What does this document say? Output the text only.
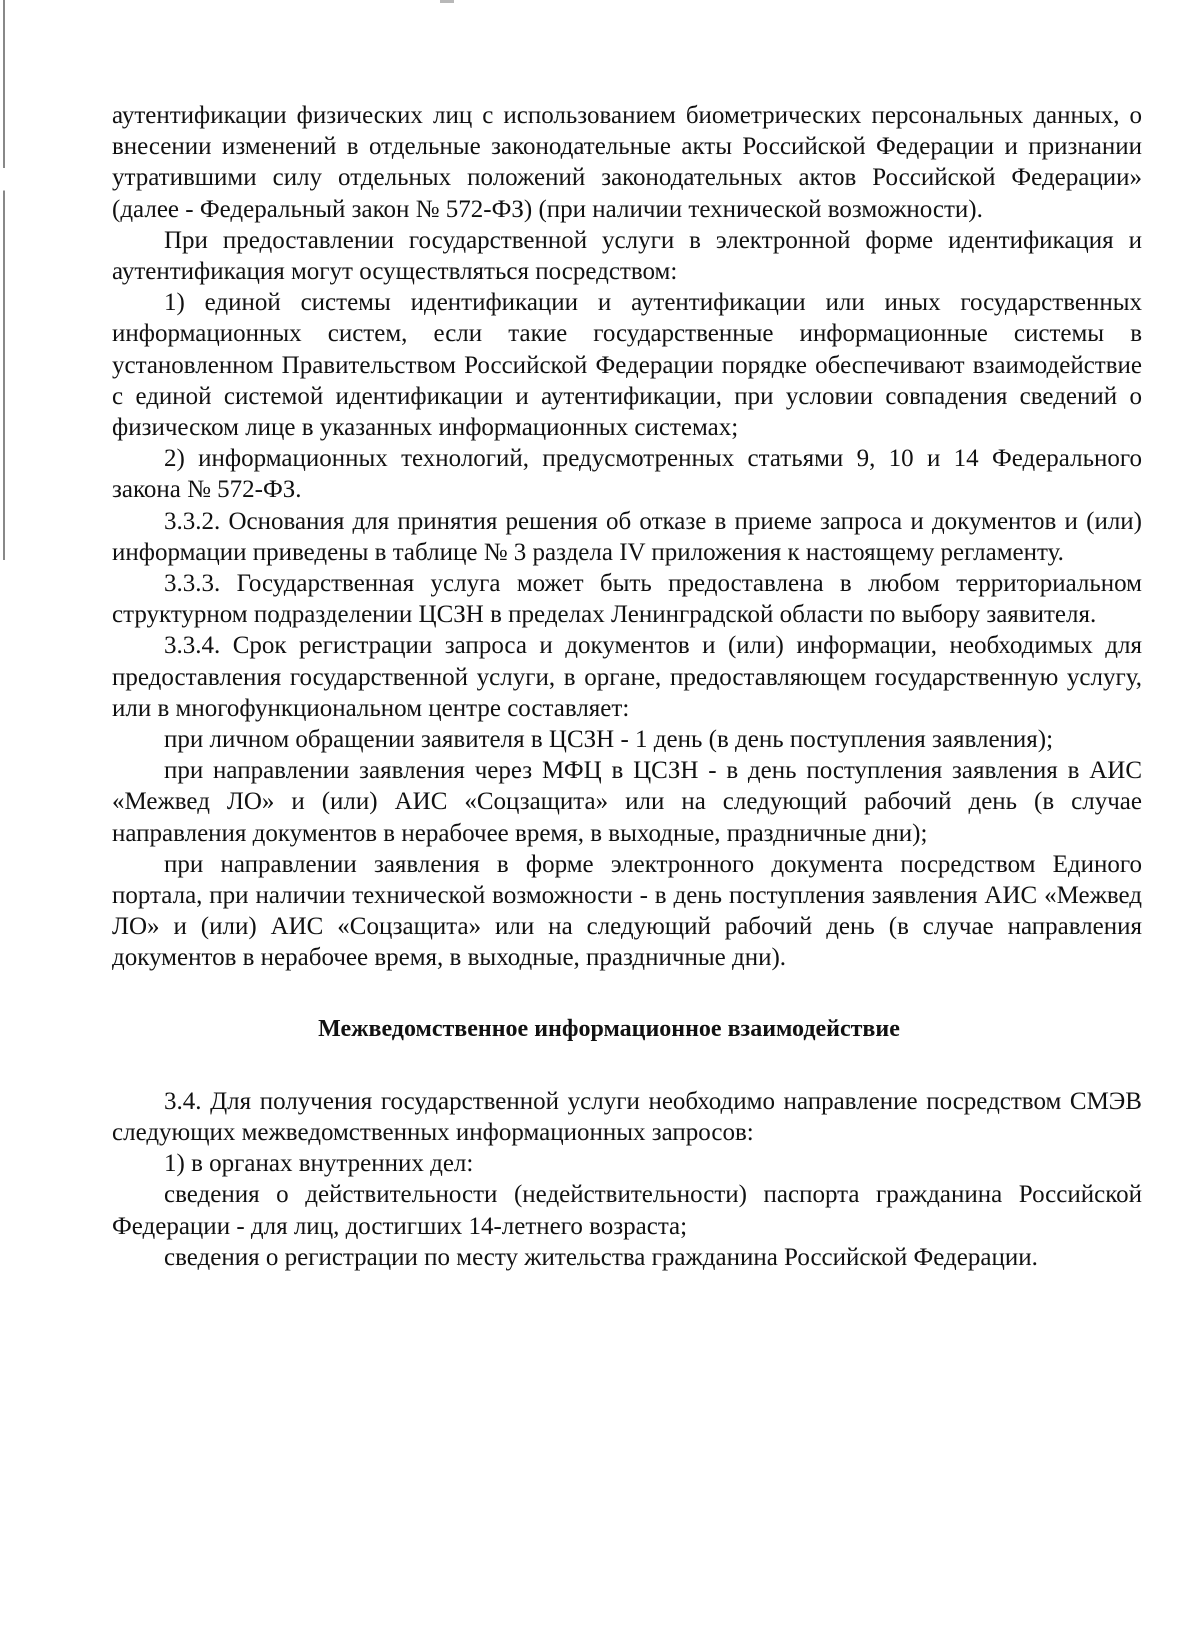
аутентификации физических лиц с использованием биометрических персональных данных, о внесении изменений в отдельные законодательные акты Российской Федерации и признании утратившими силу отдельных положений законодательных актов Российской Федерации» (далее - Федеральный закон № 572-ФЗ) (при наличии технической возможности).

При предоставлении государственной услуги в электронной форме идентификация и аутентификация могут осуществляться посредством:

1) единой системы идентификации и аутентификации или иных государственных информационных систем, если такие государственные информационные системы в установленном Правительством Российской Федерации порядке обеспечивают взаимодействие с единой системой идентификации и аутентификации, при условии совпадения сведений о физическом лице в указанных информационных системах;

2) информационных технологий, предусмотренных статьями 9, 10 и 14 Федерального закона № 572-ФЗ.

3.3.2. Основания для принятия решения об отказе в приеме запроса и документов и (или) информации приведены в таблице № 3 раздела IV приложения к настоящему регламенту.

3.3.3. Государственная услуга может быть предоставлена в любом территориальном структурном подразделении ЦСЗН в пределах Ленинградской области по выбору заявителя.

3.3.4. Срок регистрации запроса и документов и (или) информации, необходимых для предоставления государственной услуги, в органе, предоставляющем государственную услугу, или в многофункциональном центре составляет:

при личном обращении заявителя в ЦСЗН - 1 день (в день поступления заявления);

при направлении заявления через МФЦ в ЦСЗН - в день поступления заявления в АИС «Межвед ЛО» и (или) АИС «Соцзащита» или на следующий рабочий день (в случае направления документов в нерабочее время, в выходные, праздничные дни);

при направлении заявления в форме электронного документа посредством Единого портала, при наличии технической возможности - в день поступления заявления АИС «Межвед ЛО» и (или) АИС «Соцзащита» или на следующий рабочий день (в случае направления документов в нерабочее время, в выходные, праздничные дни).

Межведомственное информационное взаимодействие

3.4. Для получения государственной услуги необходимо направление посредством СМЭВ следующих межведомственных информационных запросов:

1) в органах внутренних дел:

сведения о действительности (недействительности) паспорта гражданина Российской Федерации - для лиц, достигших 14-летнего возраста;

сведения о регистрации по месту жительства гражданина Российской Федерации.
